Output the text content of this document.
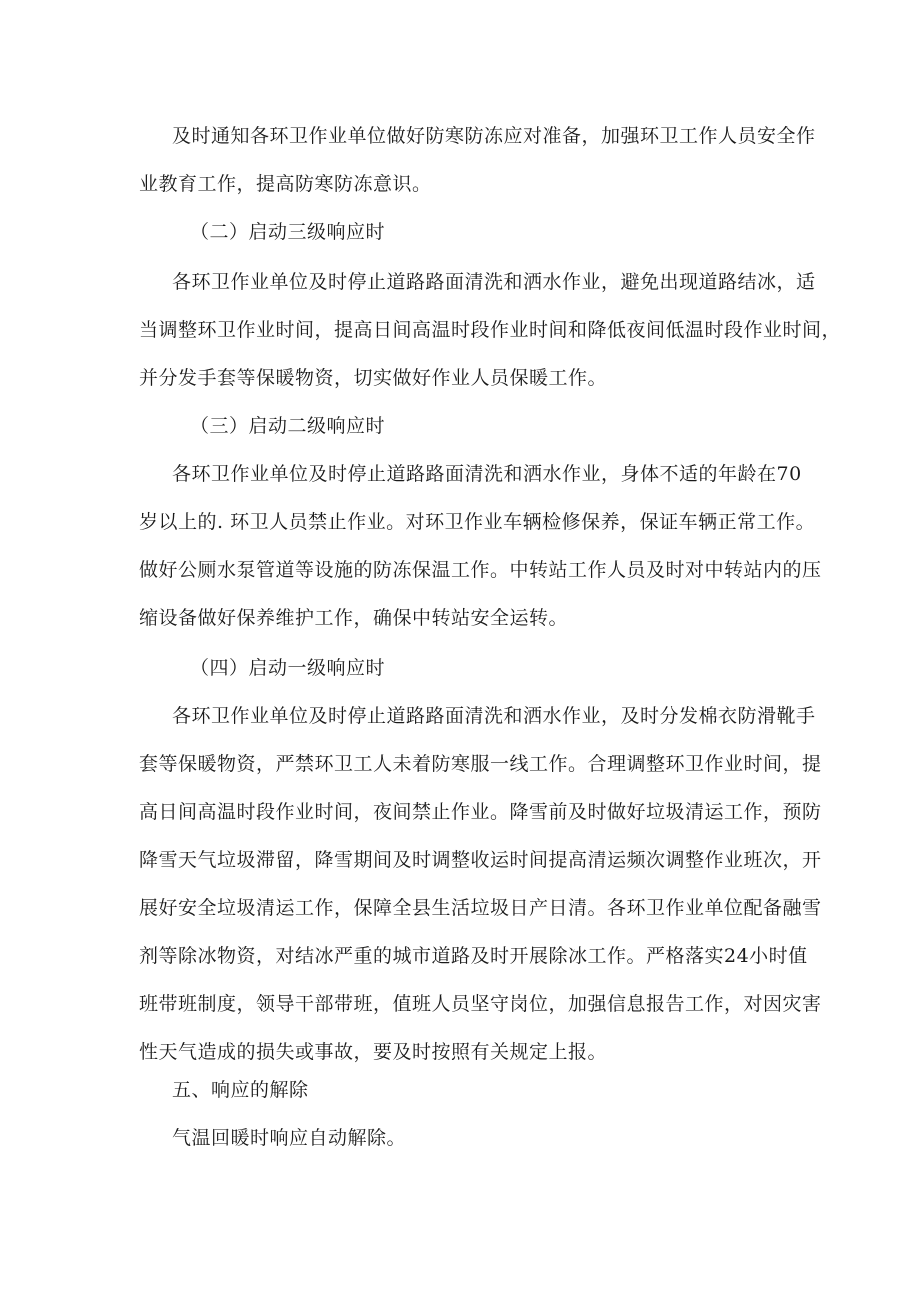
及时通知各环卫作业单位做好防寒防冻应对准备，加强环卫工作人员安全作
业教育工作，提高防寒防冻意识。
（二）启动三级响应时
各环卫作业单位及时停止道路路面清洗和洒水作业，避免出现道路结冰，适
当调整环卫作业时间，提高日间高温时段作业时间和降低夜间低温时段作业时间，
并分发手套等保暖物资，切实做好作业人员保暖工作。
（三）启动二级响应时
各环卫作业单位及时停止道路路面清洗和洒水作业，身体不适的年龄在70
岁以上的. 环卫人员禁止作业。对环卫作业车辆检修保养，保证车辆正常工作。
做好公厕水泵管道等设施的防冻保温工作。中转站工作人员及时对中转站内的压
缩设备做好保养维护工作，确保中转站安全运转。
（四）启动一级响应时
各环卫作业单位及时停止道路路面清洗和洒水作业，及时分发棉衣防滑靴手
套等保暖物资，严禁环卫工人未着防寒服一线工作。合理调整环卫作业时间，提
高日间高温时段作业时间，夜间禁止作业。降雪前及时做好垃圾清运工作，预防
降雪天气垃圾滞留，降雪期间及时调整收运时间提高清运频次调整作业班次，开
展好安全垃圾清运工作，保障全县生活垃圾日产日清。各环卫作业单位配备融雪
剂等除冰物资，对结冰严重的城市道路及时开展除冰工作。严格落实24小时值
班带班制度，领导干部带班，值班人员坚守岗位，加强信息报告工作，对因灾害
性天气造成的损失或事故，要及时按照有关规定上报。
五、响应的解除
气温回暖时响应自动解除。
